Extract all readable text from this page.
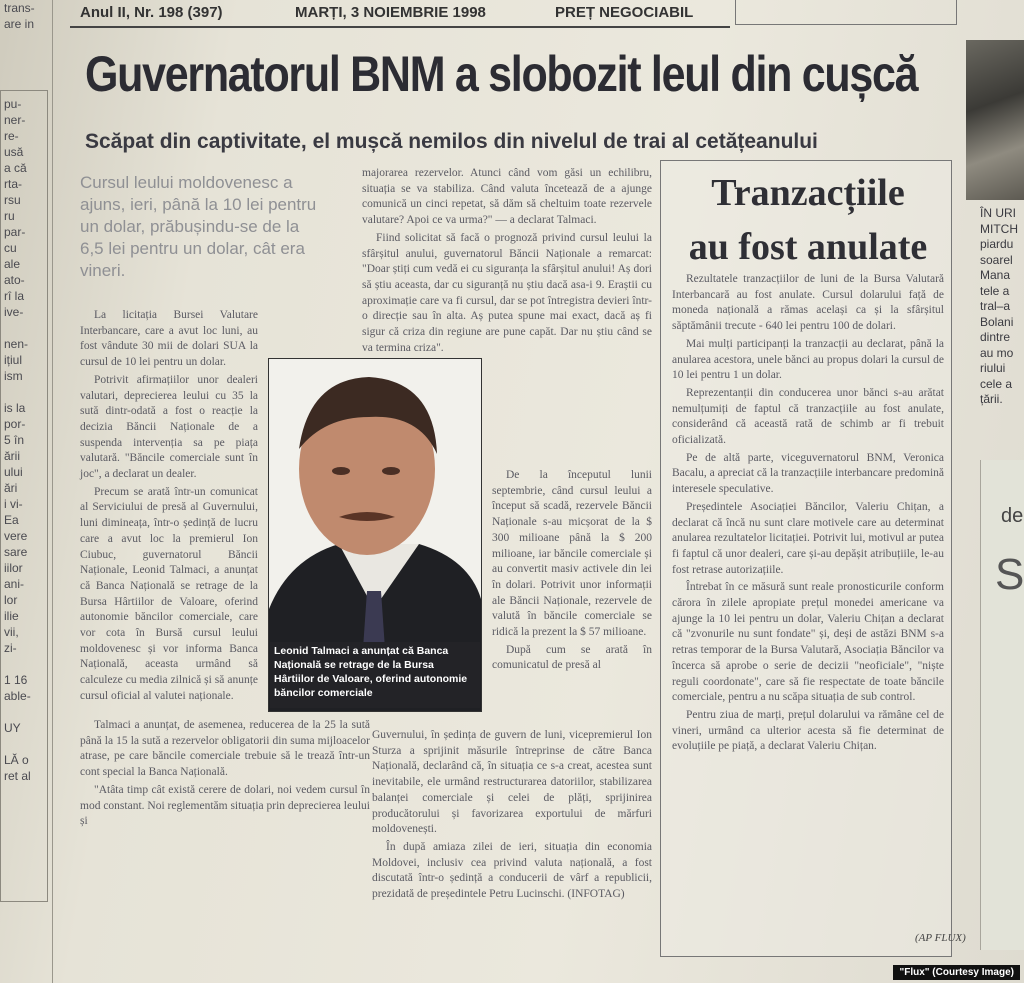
trans-
are in

pu-
ner-
re-
usă
a că
rta-
rsu
ru
par-
cu
ale
ato-
rî la
ive-

nen-
ițiul
ism

is la
por-
5 în
ării
ului
ări
i vi-
Ea
vere
sare
iilor
ani-
lor
ilie
vii,
zi-

1 16
able-

UY

LĂ o
ret al
Anul II, Nr. 198 (397)	MARȚI, 3 NOIEMBRIE 1998	PREȚ NEGOCIABIL
Guvernatorul BNM a slobozit leul din cușcă
Scăpat din captivitate, el mușcă nemilos din nivelul de trai al cetățeanului
Cursul leului moldovenesc a
ajuns, ieri, până la 10 lei pentru
un dolar, prăbușindu-se de la
6,5 lei pentru un dolar, cât era
vineri.

La licitația Bursei Valutare Interbancare, care a avut loc luni, au fost vândute 30 mii de dolari SUA la cursul de 10 lei pentru un dolar.

Potrivit afirmațiilor unor dealeri valutari, deprecierea leului cu 35 la sută dintr-odată a fost o reacție la decizia Băncii Naționale de a suspenda intervenția sa pe piața valutară. "Băncile comerciale sunt în joc", a declarat un dealer.

Precum se arată într-un comunicat al Serviciului de presă al Guvernului, luni dimineața, într-o ședință de lucru care a avut loc la premierul Ion Ciubuc, guvernatorul Băncii Naționale, Leonid Talmaci, a anunțat că Banca Națională se retrage de la Bursa Hârtiilor de Valoare, oferind autonomie băncilor comerciale, care vor cota în Bursă cursul leului moldovenesc și vor informa Banca Națională, aceasta urmând să calculeze cu media zilnică și să anunțe cursul oficial al valutei naționale.

Talmaci a anunțat, de asemenea, reducerea de la 25 la sută până la 15 la sută a rezervelor obligatorii din suma mijloacelor atrase, pe care băncile comerciale trebuie să le trează într-un cont special la Banca Națională.

"Atâta timp cât există cerere de dolari, noi vedem cursul în mod constant. Noi reglementăm situația prin deprecierea leului și

majorarea rezervelor. Atunci când vom găsi un echilibru, situația se va stabiliza. Când valuta încetează de a ajunge comunică un cinci repetat, să dăm să cheltuim toate rezervele valutare? Apoi ce va urma?" — a declarat Talmaci.

Fiind solicitat să facă o prognoză privind cursul leului la sfârșitul anului, guvernatorul Băncii Naționale a remarcat: "Doar știți cum vedă ei cu siguranța la sfârșitul anului! Aș dori să știu aceasta, dar cu siguranță nu știu dacă asa-i 9. Eraștii cu aproximație care va fi cursul, dar se pot întregistra devieri într-o direcție sau în alta. Aș putea spune mai exact, dacă aș fi sigur că criza din regiune are pune capăt. Dar nu știu când se va termina criza".

De la începutul lunii septembrie, când cursul leului a început să scadă, rezervele Băncii Naționale s-au micșorat de la $ 300 milioane până la $ 200 milioane, iar băncile comerciale și au convertit masiv activele din lei în dolari. Potrivit unor informații ale Băncii Naționale, rezervele de valută în băncile comerciale se ridică la prezent la $ 57 milioane.

După cum se arată în comunicatul de presă al

Guvernului, în ședința de guvern de luni, vicepremierul Ion Sturza a sprijinit măsurile întreprinse de către Banca Națională, declarând că, în situația ce s-a creat, acestea sunt inevitabile, ele urmând restructurarea datoriilor, stabilizarea balanței comerciale și celei de plăți, sprijinirea producătorului și favorizarea exportului de mărfuri moldovenești.

În după amiaza zilei de ieri, situația din economia Moldovei, inclusiv cea privind valuta națională, a fost discutată într-o ședință a conducerii de vârf a republicii, prezidată de președintele Petru Lucinschi. (INFOTAG)

Leonid Talmaci a anunțat că Banca Națională se retrage de la Bursa Hârtiilor de Valoare, oferind autonomie băncilor comerciale
Tranzacțiile
au fost anulate

Rezultatele tranzacțiilor de luni de la Bursa Valutară Interbancară au fost anulate. Cursul dolarului față de moneda națională a rămas același ca și la sfârșitul săptămânii trecute - 640 lei pentru 100 de dolari.

Mai mulți participanți la tranzacții au declarat, până la anularea acestora, unele bănci au propus dolari la cursul de 10 lei pentru 1 un dolar.

Reprezentanții din conducerea unor bănci s-au arătat nemulțumiți de faptul că tranzacțiile au fost anulate, considerând că această rată de schimb ar fi trebuit oficializată.

Pe de altă parte, viceguvernatorul BNM, Veronica Bacalu, a apreciat că la tranzacțiile interbancare predomină interesele speculative.

Președintele Asociației Băncilor, Valeriu Chițan, a declarat că încă nu sunt clare motivele care au determinat anularea rezultatelor licitației. Potrivit lui, motivul ar putea fi faptul că unor dealeri, care și-au depășit atribuțiile, le-au fost retrase autorizațiile.

Întrebat în ce măsură sunt reale pronosticurile conform cărora în zilele apropiate prețul monedei americane va ajunge la 10 lei pentru un dolar, Valeriu Chițan a declarat că "zvonurile nu sunt fondate" și, deși de astăzi BNM s-a retras temporar de la Bursa Valutară, Asociația Băncilor va încerca să aprobe o serie de decizii "neoficiale", "niște reguli coordonate", care să fie respectate de toate băncile comerciale, pentru a nu scăpa situația de sub control.

Pentru ziua de marți, prețul dolarului va rămâne cel de vineri, urmând ca ulterior acesta să fie determinat de evoluțiile pe piață, a declarat Valeriu Chițan.

(AP FLUX)
ÎN URI
MITCH
piardu
soarel
Mana
tele a
tral–a
Bolani
dintre
au mo
riului
cele a
țării.
de
S
"Flux" (Courtesy Image)
